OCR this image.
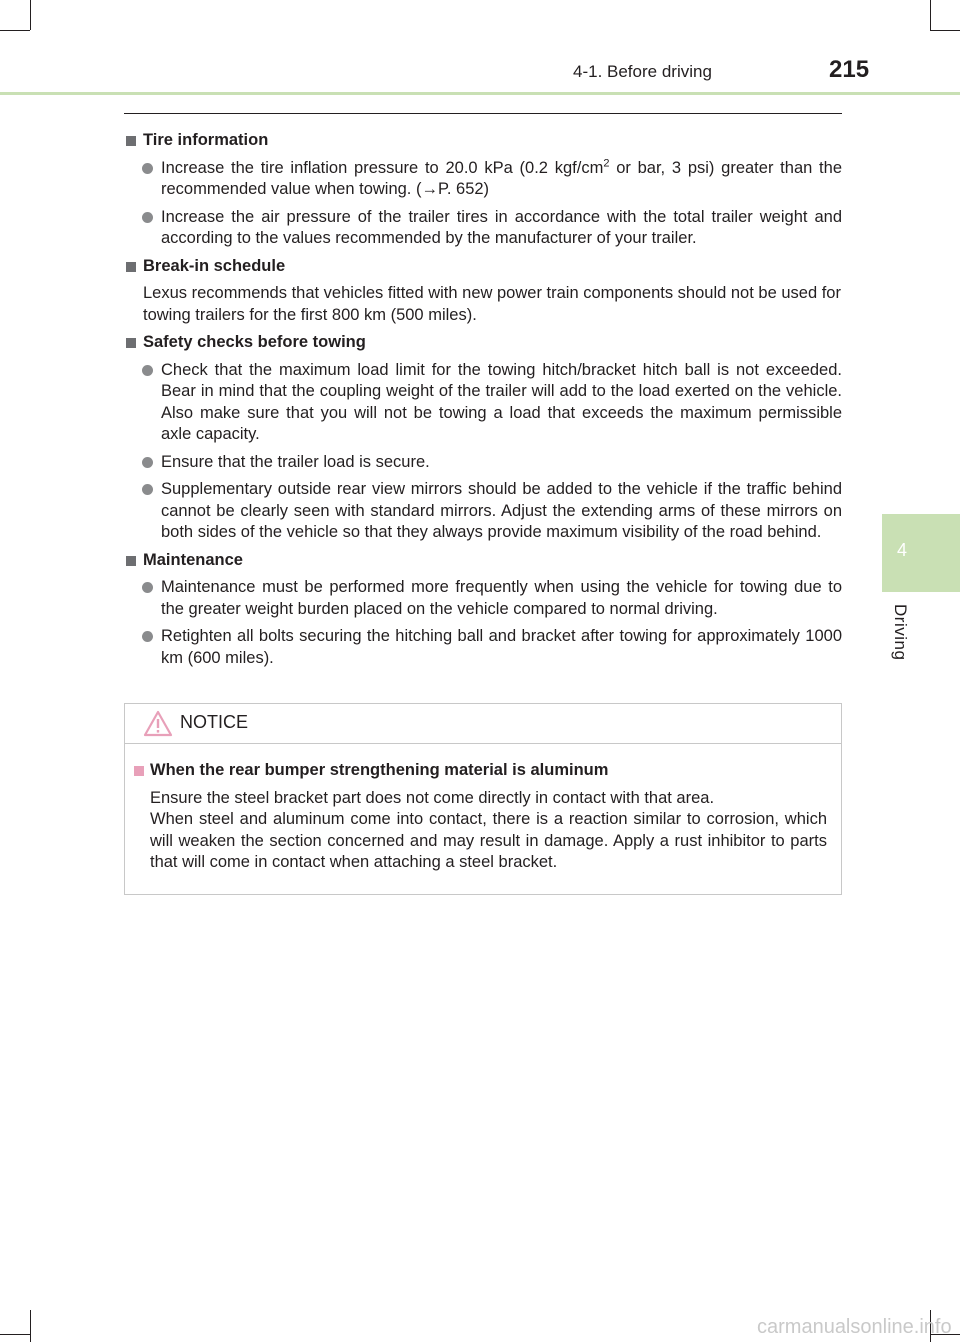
4-1. Before driving	215
4
Driving
Tire information
Increase the tire inflation pressure to 20.0 kPa (0.2 kgf/$cm^2$ or bar, 3 psi) greater than the recommended value when towing. (→P. 652)
Increase the air pressure of the trailer tires in accordance with the total trailer weight and according to the values recommended by the manufacturer of your trailer.
Break-in schedule
Lexus recommends that vehicles fitted with new power train components should not be used for towing trailers for the first 800 km (500 miles).
Safety checks before towing
Check that the maximum load limit for the towing hitch/bracket hitch ball is not exceeded. Bear in mind that the coupling weight of the trailer will add to the load exerted on the vehicle. Also make sure that you will not be towing a load that exceeds the maximum permissible axle capacity.
Ensure that the trailer load is secure.
Supplementary outside rear view mirrors should be added to the vehicle if the traffic behind cannot be clearly seen with standard mirrors. Adjust the extending arms of these mirrors on both sides of the vehicle so that they always provide maximum visibility of the road behind.
Maintenance
Maintenance must be performed more frequently when using the vehicle for towing due to the greater weight burden placed on the vehicle compared to normal driving.
Retighten all bolts securing the hitching ball and bracket after towing for approximately 1000 km (600 miles).
NOTICE
When the rear bumper strengthening material is aluminum
Ensure the steel bracket part does not come directly in contact with that area.
When steel and aluminum come into contact, there is a reaction similar to corrosion, which will weaken the section concerned and may result in damage. Apply a rust inhibitor to parts that will come in contact when attaching a steel bracket.
carmanualsonline.info
